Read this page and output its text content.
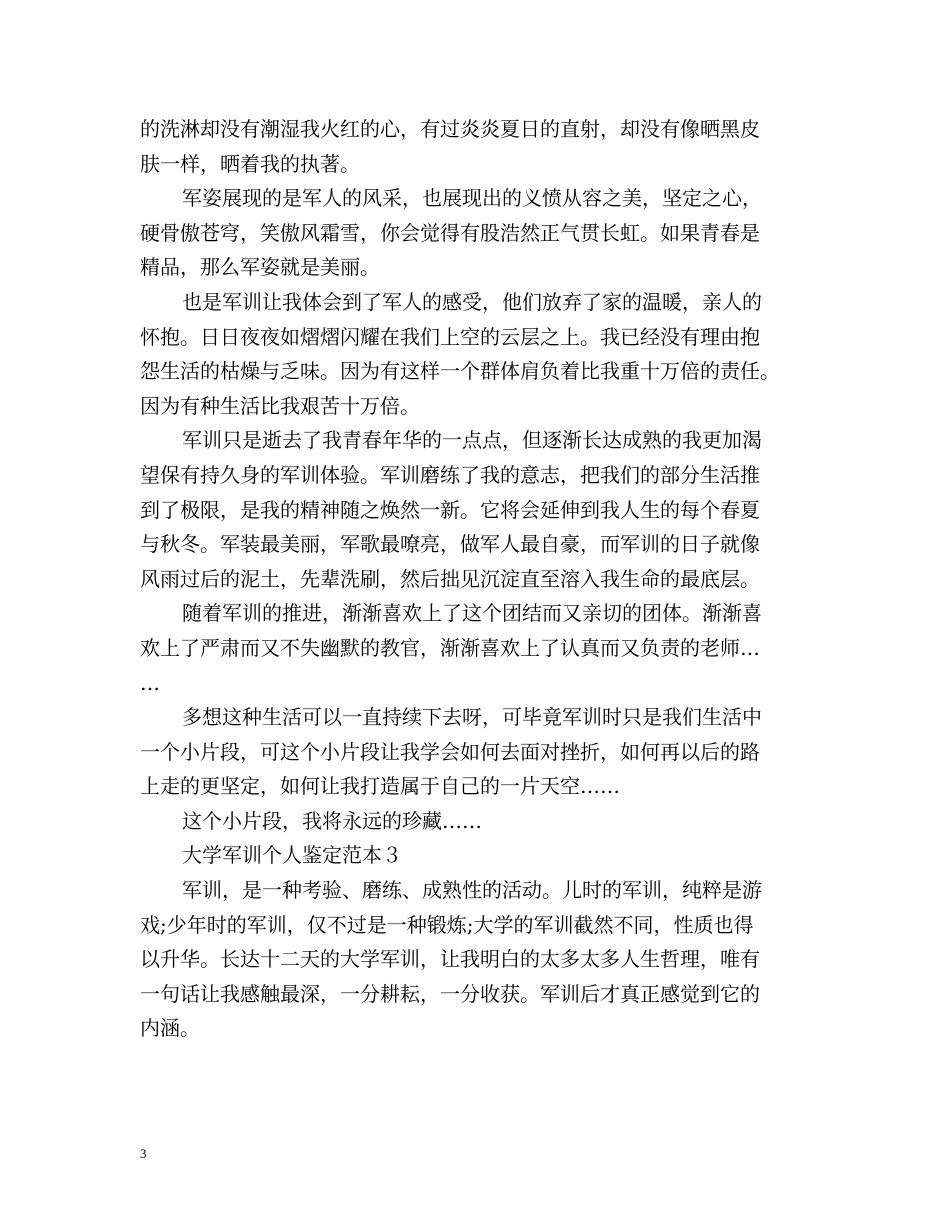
的洗淋却没有潮湿我火红的心，有过炎炎夏日的直射，却没有像晒黑皮
肤一样，晒着我的执著。
军姿展现的是军人的风采，也展现出的义愤从容之美，坚定之心，
硬骨傲苍穹，笑傲风霜雪，你会觉得有股浩然正气贯长虹。如果青春是
精品，那么军姿就是美丽。
也是军训让我体会到了军人的感受，他们放弃了家的温暖，亲人的
怀抱。日日夜夜如熠熠闪耀在我们上空的云层之上。我已经没有理由抱
怨生活的枯燥与乏味。因为有这样一个群体肩负着比我重十万倍的责任。
因为有种生活比我艰苦十万倍。
军训只是逝去了我青春年华的一点点，但逐渐长达成熟的我更加渴
望保有持久身的军训体验。军训磨练了我的意志，把我们的部分生活推
到了极限，是我的精神随之焕然一新。它将会延伸到我人生的每个春夏
与秋冬。军装最美丽，军歌最嘹亮，做军人最自豪，而军训的日子就像
风雨过后的泥土，先辈洗刷，然后拙见沉淀直至溶入我生命的最底层。
随着军训的推进，渐渐喜欢上了这个团结而又亲切的团体。渐渐喜
欢上了严肃而又不失幽默的教官，渐渐喜欢上了认真而又负责的老师…
…
多想这种生活可以一直持续下去呀，可毕竟军训时只是我们生活中
一个小片段，可这个小片段让我学会如何去面对挫折，如何再以后的路
上走的更坚定，如何让我打造属于自己的一片天空……
这个小片段，我将永远的珍藏……
大学军训个人鉴定范本３
军训，是一种考验、磨练、成熟性的活动。儿时的军训，纯粹是游
戏;少年时的军训，仅不过是一种锻炼;大学的军训截然不同，性质也得
以升华。长达十二天的大学军训，让我明白的太多太多人生哲理，唯有
一句话让我感触最深，一分耕耘，一分收获。军训后才真正感觉到它的
内涵。
3
